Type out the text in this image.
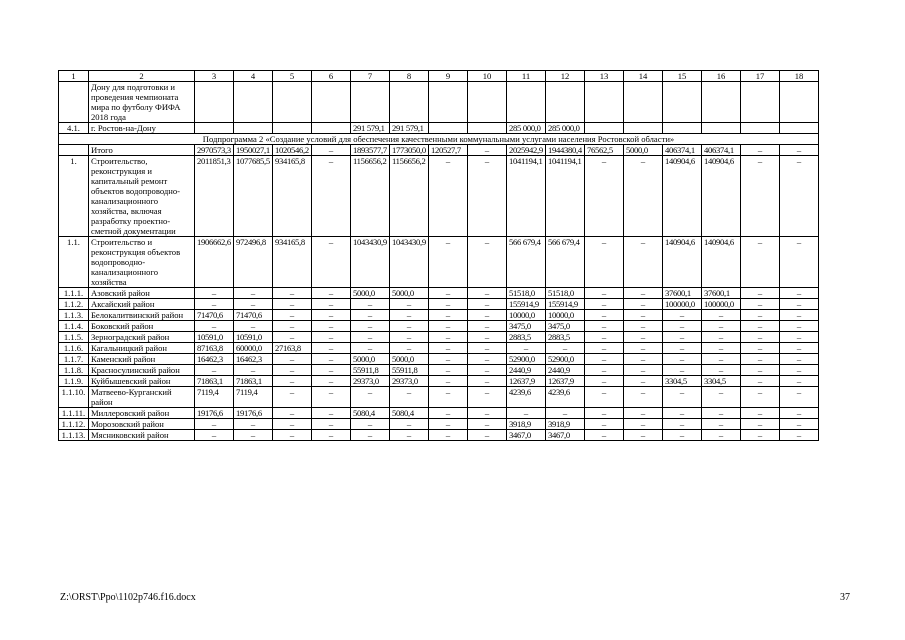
1	2	3	4	5	6	7	8	9	10	11	12	13	14	15	16	17	18
	Дону для подготовки и проведения чемпионата мира по футболу ФИФА 2018 года																
4.1.	г. Ростов-на-Дону					291 579,1	291 579,1			285 000,0	285 000,0						
Подпрограмма 2 «Создание условий для обеспечения качественными коммунальными услугами населения Ростовской области»																	
	Итого	2970573,3	1950027,1	1020546,2	–	1893577,7	1773050,0	120527,7	–	2025942,9	1944380,4	76562,5	5000,0	406374,1	406374,1	–	–
1.	Строительство, реконструкция и капитальный ремонт объектов водопроводно-канализационного хозяйства, включая разработку проектно-сметной документации	2011851,3	1077685,5	934165,8	–	1156656,2	1156656,2	–	–	1041194,1	1041194,1	–	–	140904,6	140904,6	–	–
1.1.	Строительство и реконструкция объектов водопроводно-канализационного хозяйства	1906662,6	972496,8	934165,8	–	1043430,9	1043430,9	–	–	566 679,4	566 679,4	–	–	140904,6	140904,6	–	–
1.1.1.	Азовский район	–	–	–	–	5000,0	5000,0	–	–	51518,0	51518,0	–	–	37600,1	37600,1	–	–
1.1.2.	Аксайский район	–	–	–	–	–	–	–	–	155914,9	155914,9	–	–	100000,0	100000,0	–	–
1.1.3.	Белокалитвинский район	71470,6	71470,6	–	–	–	–	–	–	10000,0	10000,0	–	–	–	–	–	–
1.1.4.	Боковский район	–	–	–	–	–	–	–	–	3475,0	3475,0	–	–	–	–	–	–
1.1.5.	Зерноградский район	10591,0	10591,0	–	–	–	–	–	–	2883,5	2883,5	–	–	–	–	–	–
1.1.6.	Кагальницкий район	87163,8	60000,0	27163,8	–	–	–	–	–	–	–	–	–	–	–	–	–
1.1.7.	Каменский район	16462,3	16462,3	–	–	5000,0	5000,0	–	–	52900,0	52900,0	–	–	–	–	–	–
1.1.8.	Красносулинский район	–	–	–	–	55911,8	55911,8	–	–	2440,9	2440,9	–	–	–	–	–	–
1.1.9.	Куйбышевский район	71863,1	71863,1	–	–	29373,0	29373,0	–	–	12637,9	12637,9	–	–	3304,5	3304,5	–	–
1.1.10.	Матвеево-Курганский район	7119,4	7119,4	–	–	–	–	–	–	4239,6	4239,6	–	–	–	–	–	–
1.1.11.	Миллеровский район	19176,6	19176,6	–	–	5080,4	5080,4	–	–	–	–	–	–	–	–	–	–
1.1.12.	Морозовский район	–	–	–	–	–	–	–	–	3918,9	3918,9	–	–	–	–	–	–
1.1.13.	Мясниковский район	–	–	–	–	–	–	–	–	3467,0	3467,0	–	–	–	–	–	–
Z:\ORST\Ppo\1102p746.f16.docx	37
